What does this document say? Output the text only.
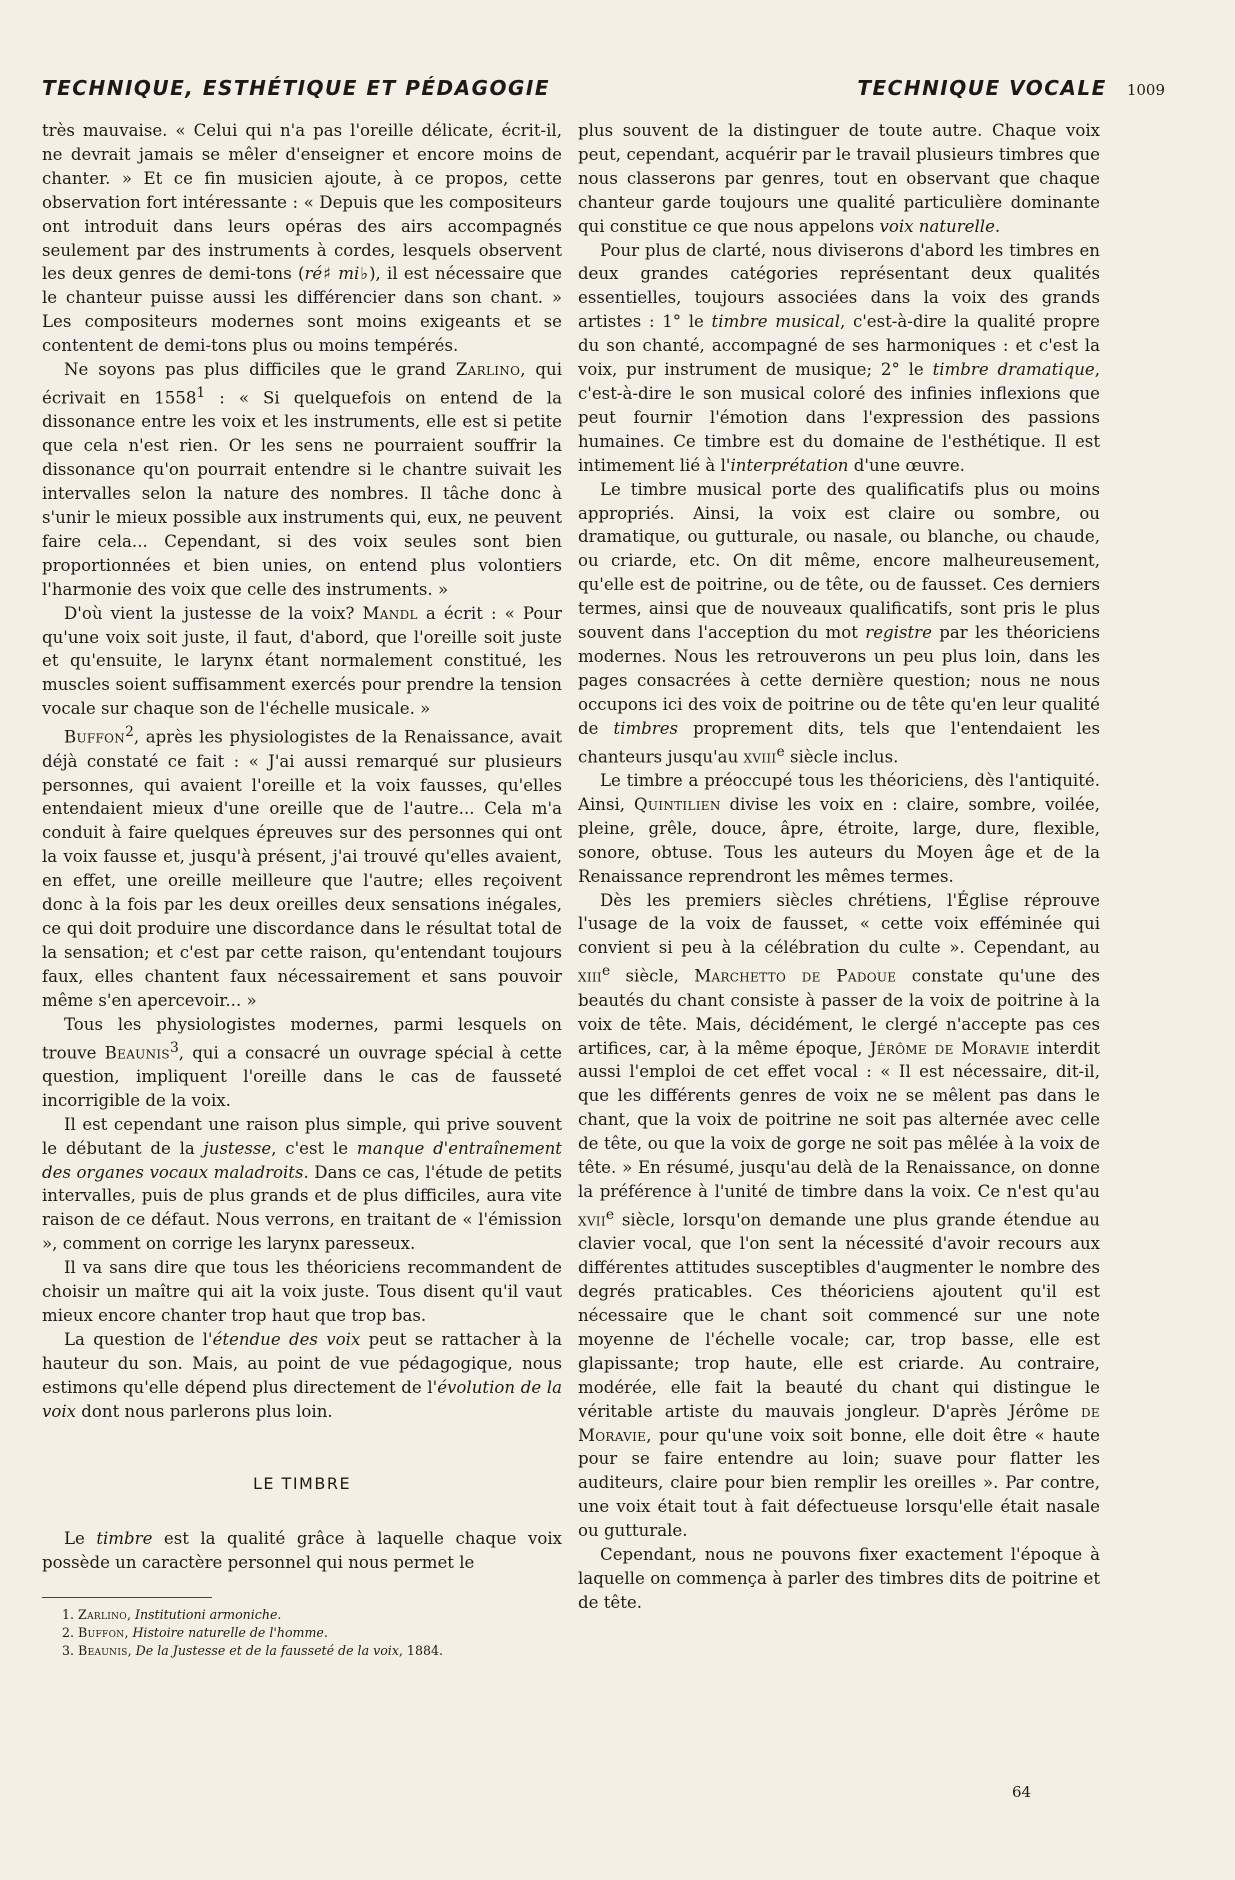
TECHNIQUE, ESTHÉTIQUE ET PÉDAGOGIE	TECHNIQUE VOCALE 1009

très mauvaise. « Celui qui n'a pas l'oreille délicate, écrit-il, ne devrait jamais se mêler d'enseigner et encore moins de chanter. » Et ce fin musicien ajoute, à ce propos, cette observation fort intéressante : « Depuis que les compositeurs ont introduit dans leurs opéras des airs accompagnés seulement par des instruments à cordes, lesquels observent les deux genres de demi-tons (ré♯ mi♭), il est nécessaire que le chanteur puisse aussi les différencier dans son chant. » Les compositeurs modernes sont moins exigeants et se contentent de demi-tons plus ou moins tempérés.

Ne soyons pas plus difficiles que le grand Zarlino, qui écrivait en 1558$^1$ : « Si quelquefois on entend de la dissonance entre les voix et les instruments, elle est si petite que cela n'est rien. Or les sens ne pourraient souffrir la dissonance qu'on pourrait entendre si le chantre suivait les intervalles selon la nature des nombres. Il tâche donc à s'unir le mieux possible aux instruments qui, eux, ne peuvent faire cela... Cependant, si des voix seules sont bien proportionnées et bien unies, on entend plus volontiers l'harmonie des voix que celle des instruments. »

D'où vient la justesse de la voix? Mandl a écrit : « Pour qu'une voix soit juste, il faut, d'abord, que l'oreille soit juste et qu'ensuite, le larynx étant normalement constitué, les muscles soient suffisamment exercés pour prendre la tension vocale sur chaque son de l'échelle musicale. »

Buffon$^2$, après les physiologistes de la Renaissance, avait déjà constaté ce fait : « J'ai aussi remarqué sur plusieurs personnes, qui avaient l'oreille et la voix fausses, qu'elles entendaient mieux d'une oreille que de l'autre... Cela m'a conduit à faire quelques épreuves sur des personnes qui ont la voix fausse et, jusqu'à présent, j'ai trouvé qu'elles avaient, en effet, une oreille meilleure que l'autre; elles reçoivent donc à la fois par les deux oreilles deux sensations inégales, ce qui doit produire une discordance dans le résultat total de la sensation; et c'est par cette raison, qu'entendant toujours faux, elles chantent faux nécessairement et sans pouvoir même s'en apercevoir... »

Tous les physiologistes modernes, parmi lesquels on trouve Beaunis$^3$, qui a consacré un ouvrage spécial à cette question, impliquent l'oreille dans le cas de fausseté incorrigible de la voix.

Il est cependant une raison plus simple, qui prive souvent le débutant de la justesse, c'est le manque d'entraînement des organes vocaux maladroits. Dans ce cas, l'étude de petits intervalles, puis de plus grands et de plus difficiles, aura vite raison de ce défaut. Nous verrons, en traitant de « l'émission », comment on corrige les larynx paresseux.

Il va sans dire que tous les théoriciens recommandent de choisir un maître qui ait la voix juste. Tous disent qu'il vaut mieux encore chanter trop haut que trop bas.

La question de l'étendue des voix peut se rattacher à la hauteur du son. Mais, au point de vue pédagogique, nous estimons qu'elle dépend plus directement de l'évolution de la voix dont nous parlerons plus loin.

LE TIMBRE

Le timbre est la qualité grâce à laquelle chaque voix possède un caractère personnel qui nous permet le

1. Zarlino, Institutioni armoniche.
2. Buffon, Histoire naturelle de l'homme.
3. Beaunis, De la Justesse et de la fausseté de la voix, 1884.

plus souvent de la distinguer de toute autre. Chaque voix peut, cependant, acquérir par le travail plusieurs timbres que nous classerons par genres, tout en observant que chaque chanteur garde toujours une qualité particulière dominante qui constitue ce que nous appelons voix naturelle.

Pour plus de clarté, nous diviserons d'abord les timbres en deux grandes catégories représentant deux qualités essentielles, toujours associées dans la voix des grands artistes : 1° le timbre musical, c'est-à-dire la qualité propre du son chanté, accompagné de ses harmoniques : et c'est la voix, pur instrument de musique; 2° le timbre dramatique, c'est-à-dire le son musical coloré des infinies inflexions que peut fournir l'émotion dans l'expression des passions humaines. Ce timbre est du domaine de l'esthétique. Il est intimement lié à l'interprétation d'une œuvre.

Le timbre musical porte des qualificatifs plus ou moins appropriés. Ainsi, la voix est claire ou sombre, ou dramatique, ou gutturale, ou nasale, ou blanche, ou chaude, ou criarde, etc. On dit même, encore malheureusement, qu'elle est de poitrine, ou de tête, ou de fausset. Ces derniers termes, ainsi que de nouveaux qualificatifs, sont pris le plus souvent dans l'acception du mot registre par les théoriciens modernes. Nous les retrouverons un peu plus loin, dans les pages consacrées à cette dernière question; nous ne nous occupons ici des voix de poitrine ou de tête qu'en leur qualité de timbres proprement dits, tels que l'entendaient les chanteurs jusqu'au xviii$^e$ siècle inclus.

Le timbre a préoccupé tous les théoriciens, dès l'antiquité. Ainsi, Quintilien divise les voix en : claire, sombre, voilée, pleine, grêle, douce, âpre, étroite, large, dure, flexible, sonore, obtuse. Tous les auteurs du Moyen âge et de la Renaissance reprendront les mêmes termes.

Dès les premiers siècles chrétiens, l'Église réprouve l'usage de la voix de fausset, « cette voix efféminée qui convient si peu à la célébration du culte ». Cependant, au xiii$^e$ siècle, Marchetto de Padoue constate qu'une des beautés du chant consiste à passer de la voix de poitrine à la voix de tête. Mais, décidément, le clergé n'accepte pas ces artifices, car, à la même époque, Jérôme de Moravie interdit aussi l'emploi de cet effet vocal : « Il est nécessaire, dit-il, que les différents genres de voix ne se mêlent pas dans le chant, que la voix de poitrine ne soit pas alternée avec celle de tête, ou que la voix de gorge ne soit pas mêlée à la voix de tête. » En résumé, jusqu'au delà de la Renaissance, on donne la préférence à l'unité de timbre dans la voix. Ce n'est qu'au xvii$^e$ siècle, lorsqu'on demande une plus grande étendue au clavier vocal, que l'on sent la nécessité d'avoir recours aux différentes attitudes susceptibles d'augmenter le nombre des degrés praticables. Ces théoriciens ajoutent qu'il est nécessaire que le chant soit commencé sur une note moyenne de l'échelle vocale; car, trop basse, elle est glapissante; trop haute, elle est criarde. Au contraire, modérée, elle fait la beauté du chant qui distingue le véritable artiste du mauvais jongleur. D'après Jérôme de Moravie, pour qu'une voix soit bonne, elle doit être « haute pour se faire entendre au loin; suave pour flatter les auditeurs, claire pour bien remplir les oreilles ». Par contre, une voix était tout à fait défectueuse lorsqu'elle était nasale ou gutturale.

Cependant, nous ne pouvons fixer exactement l'époque à laquelle on commença à parler des timbres dits de poitrine et de tête.

64
